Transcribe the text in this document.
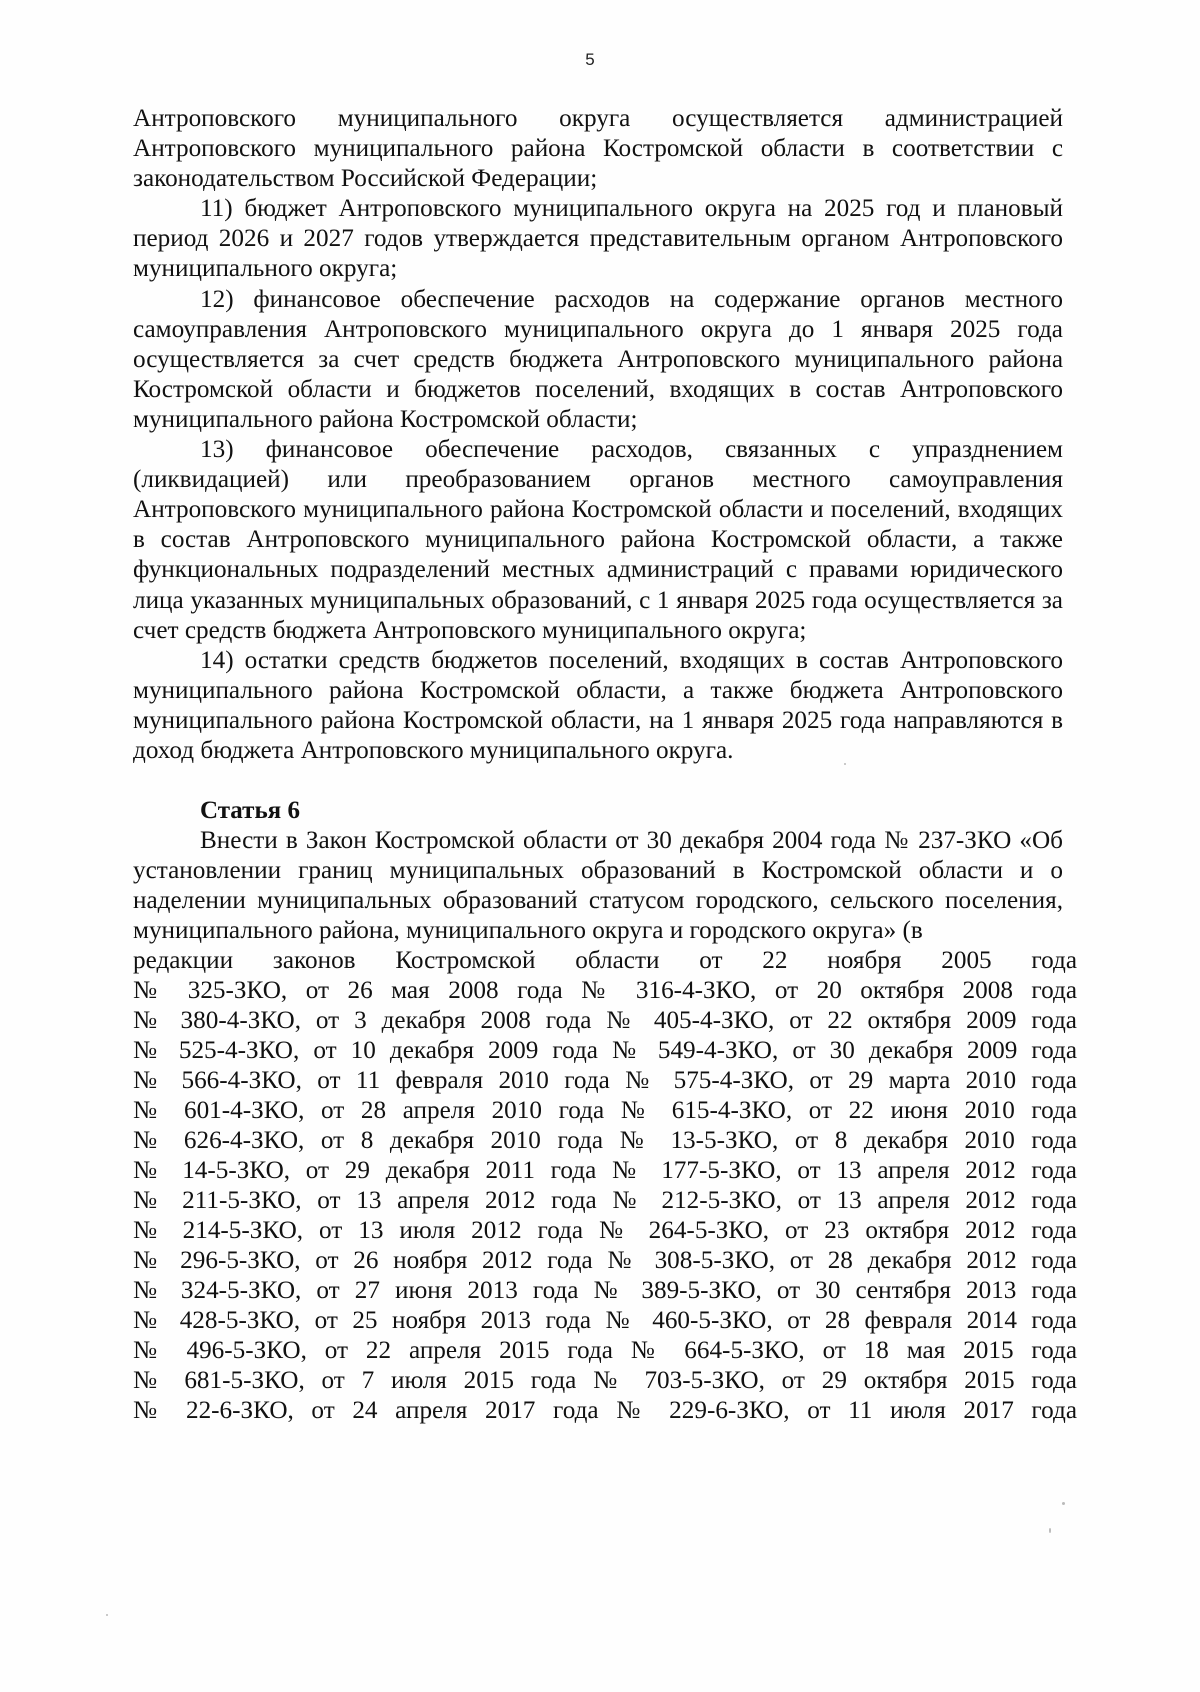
5

Антроповского муниципального округа осуществляется администрацией Антроповского муниципального района Костромской области в соответствии с законодательством Российской Федерации;

11) бюджет Антроповского муниципального округа на 2025 год и плановый период 2026 и 2027 годов утверждается представительным органом Антроповского муниципального округа;

12) финансовое обеспечение расходов на содержание органов местного самоуправления Антроповского муниципального округа до 1 января 2025 года осуществляется за счет средств бюджета Антроповского муниципального района Костромской области и бюджетов поселений, входящих в состав Антроповского муниципального района Костромской области;

13) финансовое обеспечение расходов, связанных с упразднением (ликвидацией) или преобразованием органов местного самоуправления Антроповского муниципального района Костромской области и поселений, входящих в состав Антроповского муниципального района Костромской области, а также функциональных подразделений местных администраций с правами юридического лица указанных муниципальных образований, с 1 января 2025 года осуществляется за счет средств бюджета Антроповского муниципального округа;

14) остатки средств бюджетов поселений, входящих в состав Антроповского муниципального района Костромской области, а также бюджета Антроповского муниципального района Костромской области, на 1 января 2025 года направляются в доход бюджета Антроповского муниципального округа.

Статья 6

Внести в Закон Костромской области от 30 декабря 2004 года № 237-ЗКО «Об установлении границ муниципальных образований в Костромской области и о наделении муниципальных образований статусом городского, сельского поселения, муниципального района, муниципального округа и городского округа» (в

редакции законов Костромской области от 22 ноября 2005 года
№ 325-ЗКО, от 26 мая 2008 года № 316-4-ЗКО, от 20 октября 2008 года
№ 380-4-ЗКО, от 3 декабря 2008 года № 405-4-ЗКО, от 22 октября 2009 года
№ 525-4-ЗКО, от 10 декабря 2009 года № 549-4-ЗКО, от 30 декабря 2009 года
№ 566-4-ЗКО, от 11 февраля 2010 года № 575-4-ЗКО, от 29 марта 2010 года
№ 601-4-ЗКО, от 28 апреля 2010 года № 615-4-ЗКО, от 22 июня 2010 года
№ 626-4-ЗКО, от 8 декабря 2010 года № 13-5-ЗКО, от 8 декабря 2010 года
№ 14-5-ЗКО, от 29 декабря 2011 года № 177-5-ЗКО, от 13 апреля 2012 года
№ 211-5-ЗКО, от 13 апреля 2012 года № 212-5-ЗКО, от 13 апреля 2012 года
№ 214-5-ЗКО, от 13 июля 2012 года № 264-5-ЗКО, от 23 октября 2012 года
№ 296-5-ЗКО, от 26 ноября 2012 года № 308-5-ЗКО, от 28 декабря 2012 года
№ 324-5-ЗКО, от 27 июня 2013 года № 389-5-ЗКО, от 30 сентября 2013 года
№ 428-5-ЗКО, от 25 ноября 2013 года № 460-5-ЗКО, от 28 февраля 2014 года
№ 496-5-ЗКО, от 22 апреля 2015 года № 664-5-ЗКО, от 18 мая 2015 года
№ 681-5-ЗКО, от 7 июля 2015 года № 703-5-ЗКО, от 29 октября 2015 года
№ 22-6-ЗКО, от 24 апреля 2017 года № 229-6-ЗКО, от 11 июля 2017 года
